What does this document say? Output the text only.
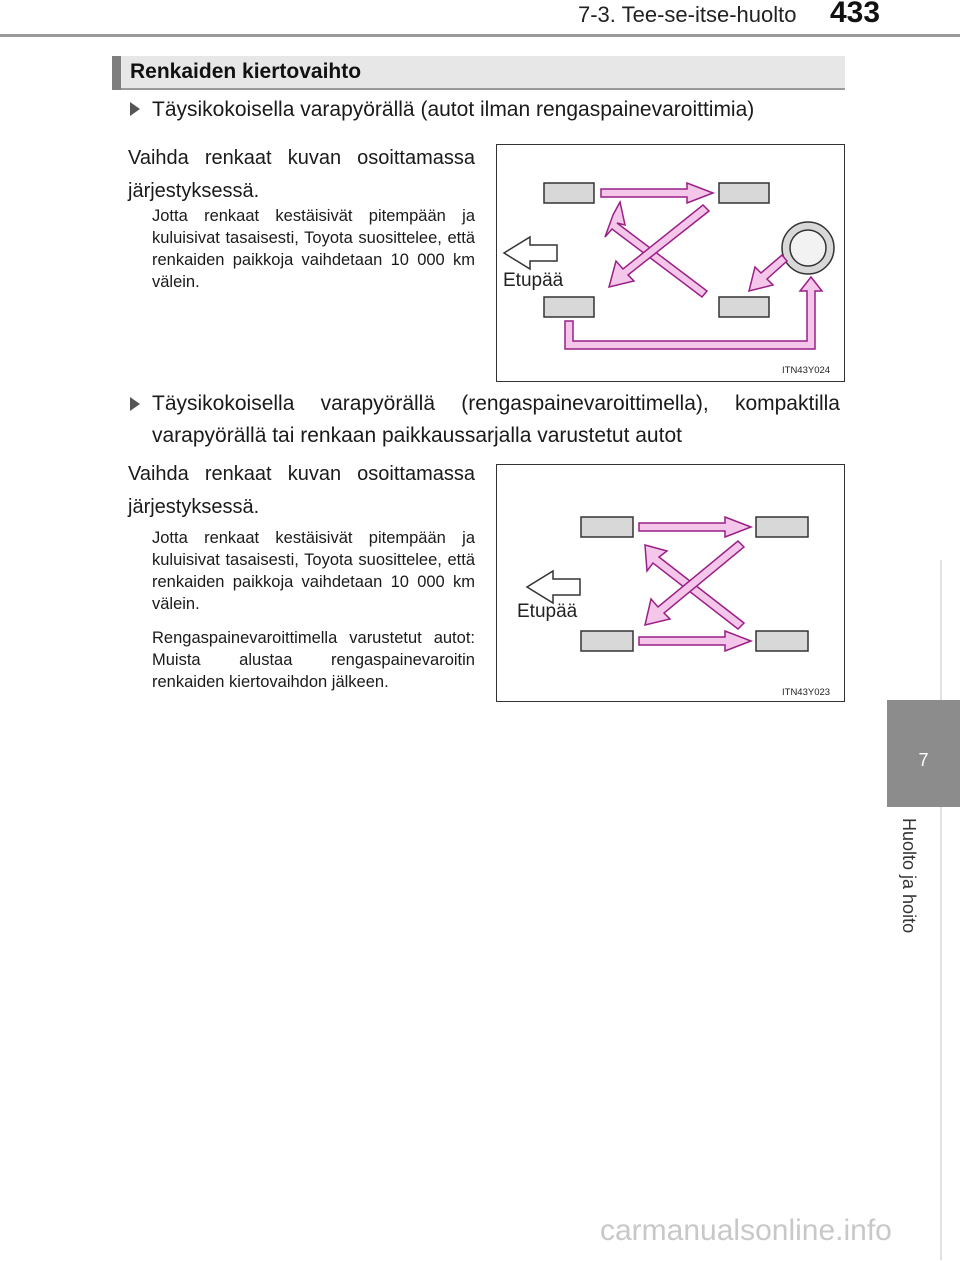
7-3. Tee-se-itse-huolto 433
7
Huolto ja hoito
Renkaiden kiertovaihto
Täysikokoisella varapyörällä (autot ilman rengaspainevaroittimia)
Vaihda renkaat kuvan osoittamassa järjestyksessä.
Jotta renkaat kestäisivät pitempään ja kuluisivat tasaisesti, Toyota suosittelee, että renkaiden paikkoja vaihdetaan 10 000 km välein.	Etupää
ITN43Y024
Täysikokoisella varapyörällä (rengaspainevaroittimella), kompaktilla varapyörällä tai renkaan paikkaussarjalla varustetut autot
Vaihda renkaat kuvan osoittamassa järjestyksessä.
Jotta renkaat kestäisivät pitempään ja kuluisivat tasaisesti, Toyota suosittelee, että renkaiden paikkoja vaihdetaan 10 000 km välein.
Rengaspainevaroittimella varustetut autot: Muista alustaa rengaspainevaroitin renkaiden kiertovaihdon jälkeen.
Etupää
ITN43Y023
carmanualsonline.info
